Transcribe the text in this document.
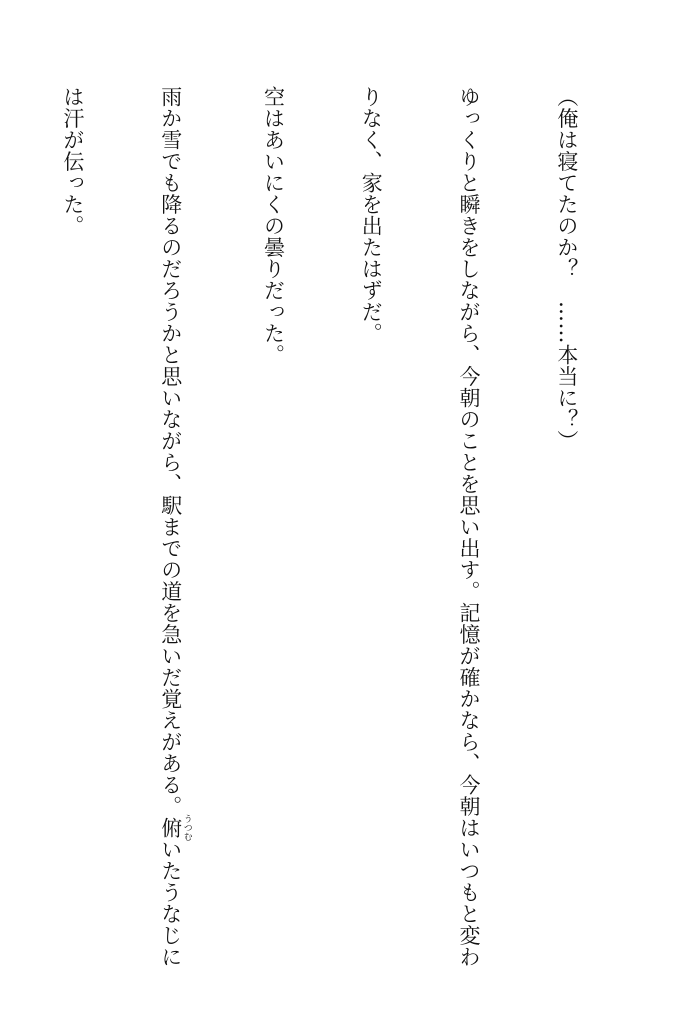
（俺は寝てたのか？　……本当に？）

ゆっくりと瞬きをしながら、今朝のことを思い出す。記憶が確かなら、今朝はいつもと変わ

りなく、家を出たはずだ。

空はあいにくの曇りだった。

雨か雪でも降るのだろうかと思いながら、駅までの道を急いだ覚えがある。俯 うつむいたうなじに

は汗が伝った。
